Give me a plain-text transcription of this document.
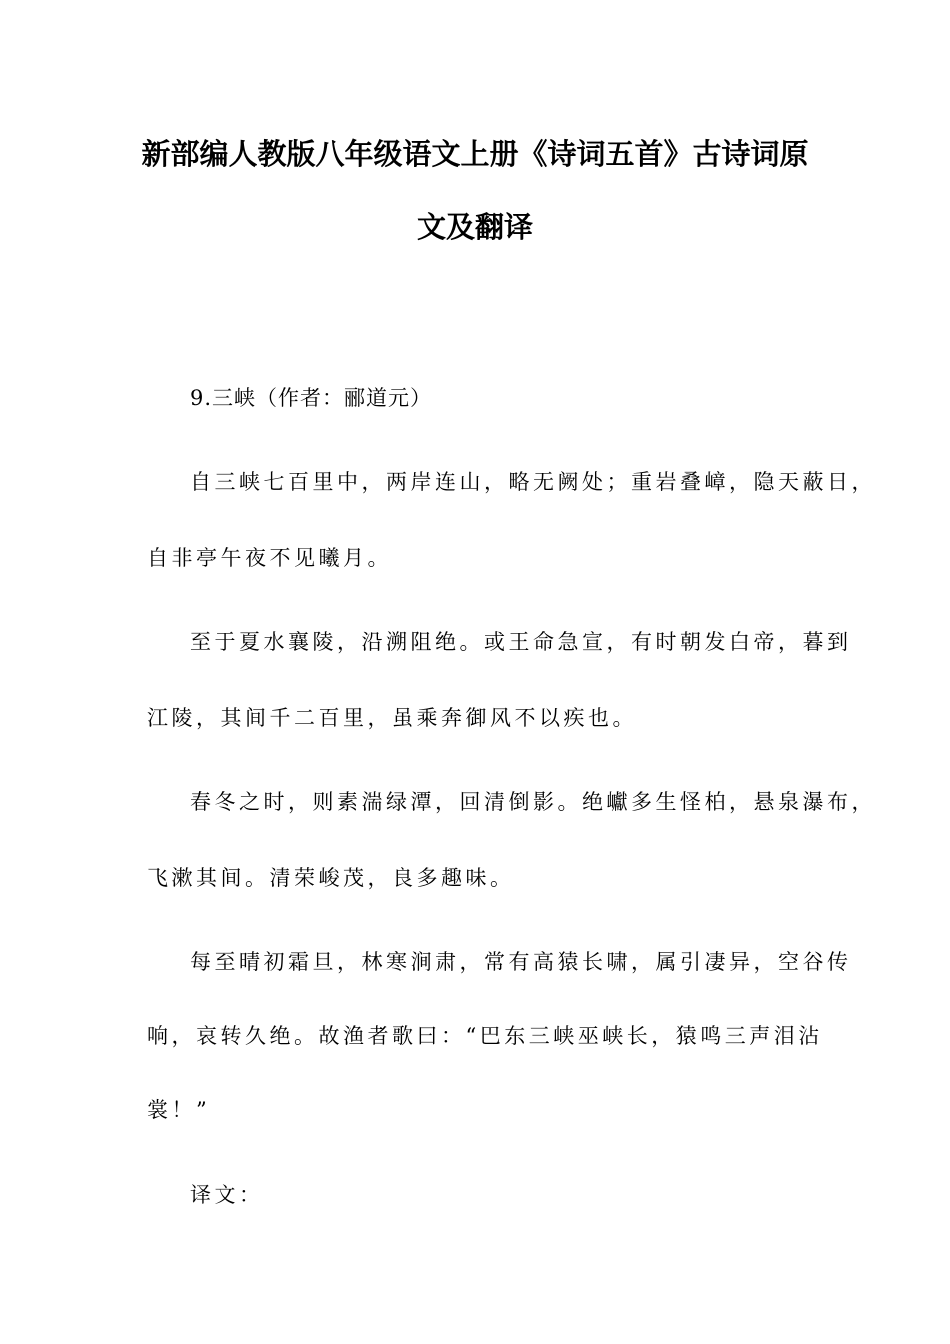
新部编人教版八年级语文上册《诗词五首》古诗词原
文及翻译
9.三峡（作者：郦道元）
自三峡七百里中，两岸连山，略无阙处；重岩叠嶂，隐天蔽日，
自非亭午夜不见曦月。
至于夏水襄陵，沿溯阻绝。或王命急宣，有时朝发白帝，暮到
江陵，其间千二百里，虽乘奔御风不以疾也。
春冬之时，则素湍绿潭，回清倒影。绝巘多生怪柏，悬泉瀑布，
飞漱其间。清荣峻茂，良多趣味。
每至晴初霜旦，林寒涧肃，常有高猿长啸，属引凄异，空谷传
响，哀转久绝。故渔者歌曰：“巴东三峡巫峡长，猿鸣三声泪沾
裳！”
译文：
